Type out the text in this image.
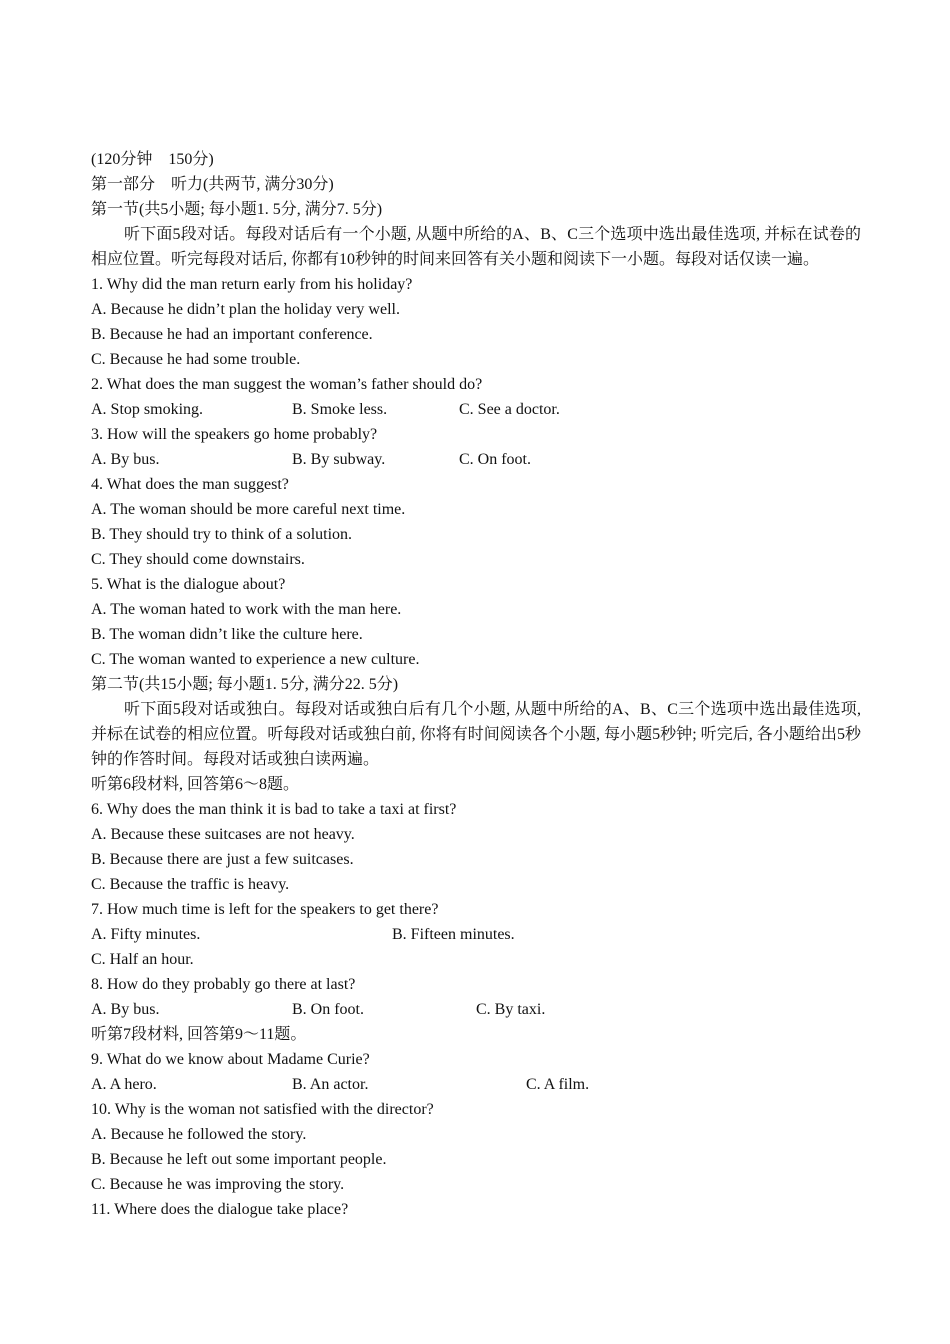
(120分钟　150分)
第一部分　听力(共两节, 满分30分)
第一节(共5小题; 每小题1. 5分, 满分7. 5分)
听下面5段对话。每段对话后有一个小题, 从题中所给的A、B、C三个选项中选出最佳选项, 并标在试卷的相应位置。听完每段对话后, 你都有10秒钟的时间来回答有关小题和阅读下一小题。每段对话仅读一遍。
1. Why did the man return early from his holiday?
A. Because he didn’t plan the holiday very well.
B. Because he had an important conference.
C. Because he had some trouble.
2. What does the man suggest the woman’s father should do?
A. Stop smoking.	B. Smoke less.	C. See a doctor.
3. How will the speakers go home probably?
A. By bus.	B. By subway.	C. On foot.
4. What does the man suggest?
A. The woman should be more careful next time.
B. They should try to think of a solution.
C. They should come downstairs.
5. What is the dialogue about?
A. The woman hated to work with the man here.
B. The woman didn’t like the culture here.
C. The woman wanted to experience a new culture.
第二节(共15小题; 每小题1. 5分, 满分22. 5分)
听下面5段对话或独白。每段对话或独白后有几个小题, 从题中所给的A、B、C三个选项中选出最佳选项, 并标在试卷的相应位置。听每段对话或独白前, 你将有时间阅读各个小题, 每小题5秒钟; 听完后, 各小题给出5秒钟的作答时间。每段对话或独白读两遍。
听第6段材料, 回答第6～8题。
6. Why does the man think it is bad to take a taxi at first?
A. Because these suitcases are not heavy.
B. Because there are just a few suitcases.
C. Because the traffic is heavy.
7. How much time is left for the speakers to get there?
A. Fifty minutes.	B. Fifteen minutes.
C. Half an hour.
8. How do they probably go there at last?
A. By bus.	B. On foot.	C. By taxi.
听第7段材料, 回答第9～11题。
9. What do we know about Madame Curie?
A. A hero.	B. An actor.	C. A film.
10. Why is the woman not satisfied with the director?
A. Because he followed the story.
B. Because he left out some important people.
C. Because he was improving the story.
11. Where does the dialogue take place?
